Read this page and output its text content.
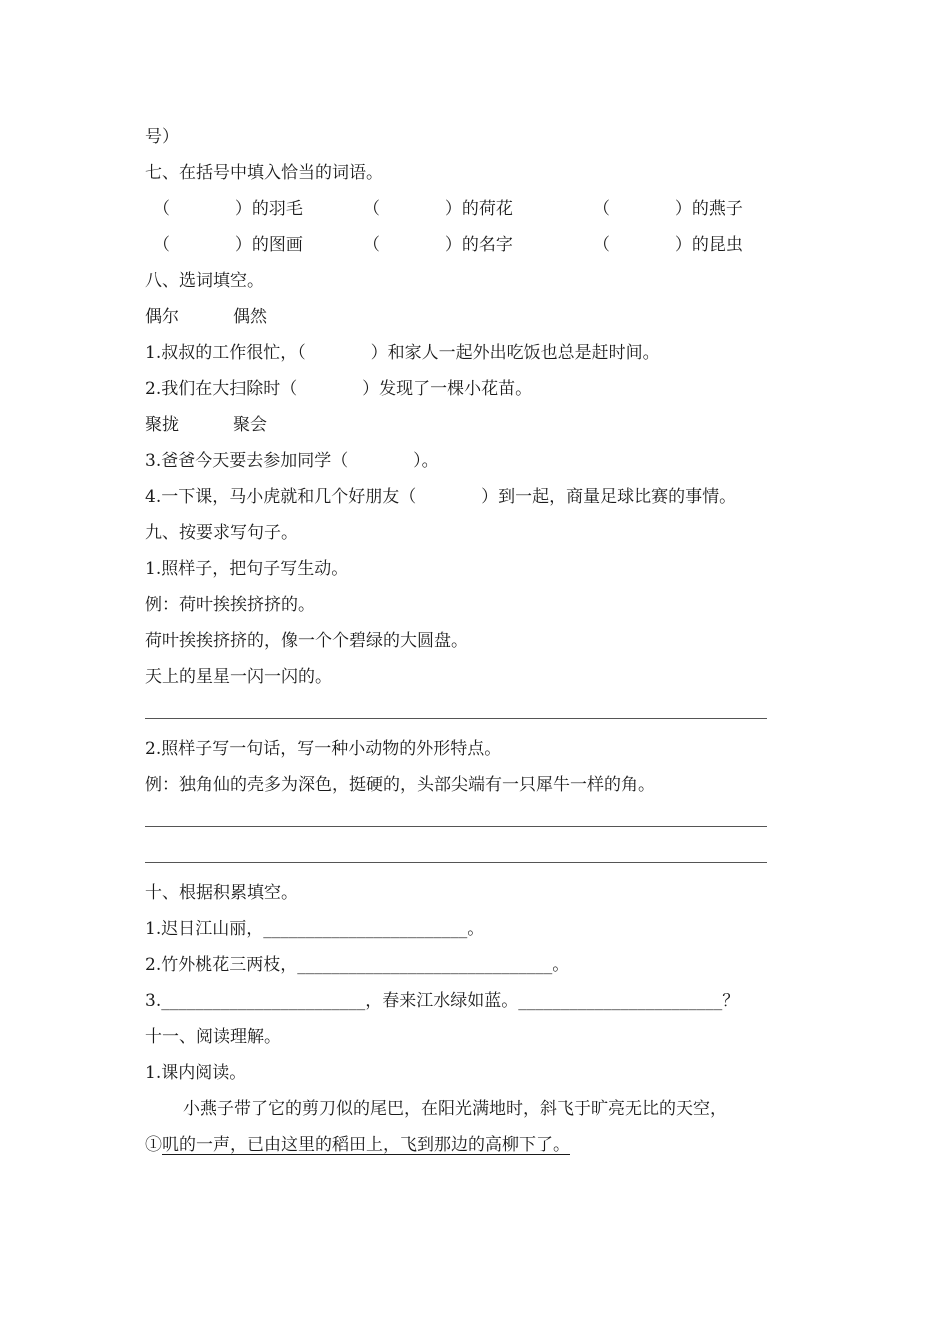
号）
七、在括号中填入恰当的词语。
（            ）的羽毛	（            ）的荷花	（            ）的燕子
（            ）的图画	（            ）的名字	（            ）的昆虫
八、选词填空。
偶尔          偶然
1.叔叔的工作很忙，（            ）和家人一起外出吃饭也总是赶时间。
2.我们在大扫除时（            ）发现了一棵小花苗。
聚拢          聚会
3.爸爸今天要去参加同学（            ）。
4.一下课，马小虎就和几个好朋友（            ）到一起，商量足球比赛的事情。
九、按要求写句子。
1.照样子，把句子写生动。
例：荷叶挨挨挤挤的。
荷叶挨挨挤挤的，像一个个碧绿的大圆盘。
天上的星星一闪一闪的。
2.照样子写一句话，写一种小动物的外形特点。
例：独角仙的壳多为深色，挺硬的，头部尖端有一只犀牛一样的角。
十、根据积累填空。
1.迟日江山丽，________________________。
2.竹外桃花三两枝，______________________________。
3.________________________，春来江水绿如蓝。________________________？
十一、阅读理解。
1.课内阅读。
小燕子带了它的剪刀似的尾巴，在阳光满地时，斜飞于旷亮无比的天空，
①叽的一声，已由这里的稻田上，飞到那边的高柳下了。
